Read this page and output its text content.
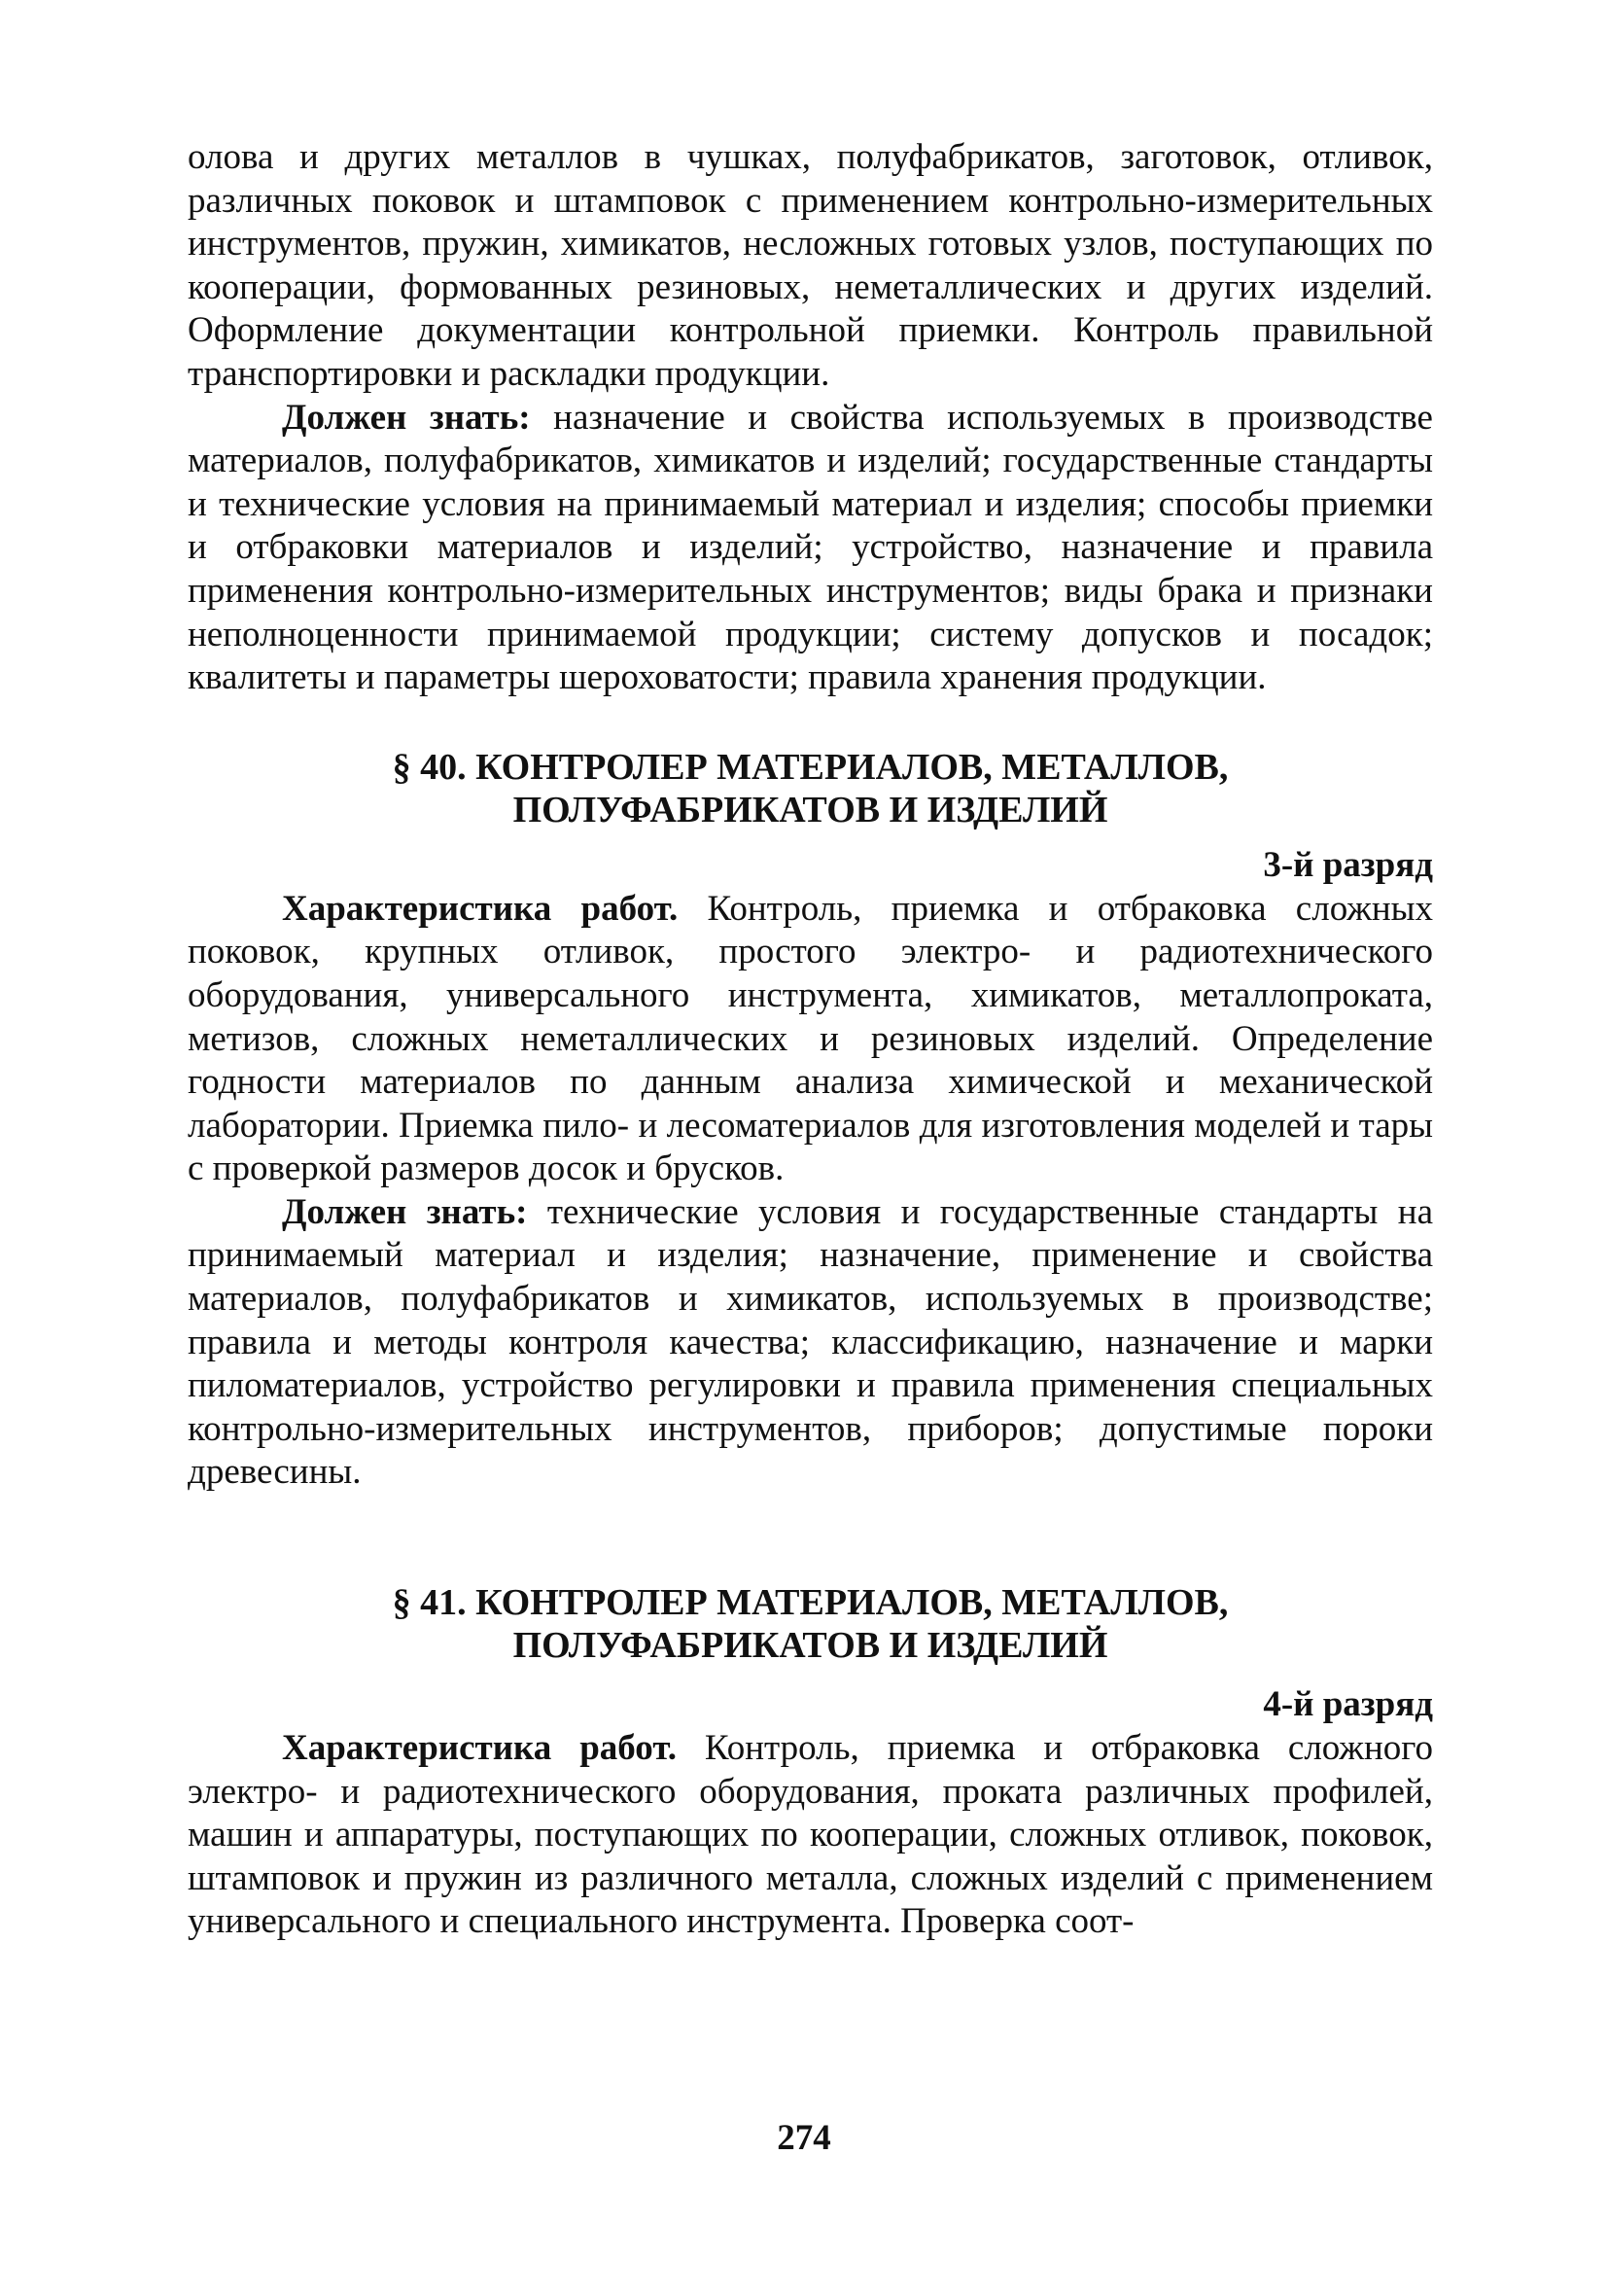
олова и других металлов в чушках, полуфабрикатов, заготовок, отливок, различных поковок и штамповок с применением контрольно-измерительных инструментов, пружин, химикатов, несложных готовых узлов, поступающих по кооперации, формованных резиновых, неметаллических и других изделий. Оформление документации контрольной приемки. Контроль правильной транспортировки и раскладки продукции.

Должен знать: назначение и свойства используемых в производстве материалов, полуфабрикатов, химикатов и изделий; государственные стандарты и технические условия на принимаемый материал и изделия; способы приемки и отбраковки материалов и изделий; устройство, назначение и правила применения контрольно-измерительных инструментов; виды брака и признаки неполноценности принимаемой продукции; систему допусков и посадок; квалитеты и параметры шероховатости; правила хранения продукции.

§ 40. КОНТРОЛЕР МАТЕРИАЛОВ, МЕТАЛЛОВ,
ПОЛУФАБРИКАТОВ И ИЗДЕЛИЙ
3-й разряд

Характеристика работ. Контроль, приемка и отбраковка сложных поковок, крупных отливок, простого электро- и радиотехнического оборудования, универсального инструмента, химикатов, металлопроката, метизов, сложных неметаллических и резиновых изделий. Определение годности материалов по данным анализа химической и механической лаборатории. Приемка пило- и лесоматериалов для изготовления моделей и тары с проверкой размеров досок и брусков.

Должен знать: технические условия и государственные стандарты на принимаемый материал и изделия; назначение, применение и свойства материалов, полуфабрикатов и химикатов, используемых в производстве; правила и методы контроля качества; классификацию, назначение и марки пиломатериалов, устройство регулировки и правила применения специальных контрольно-измерительных инструментов, приборов; допустимые пороки древесины.

§ 41. КОНТРОЛЕР МАТЕРИАЛОВ, МЕТАЛЛОВ,
ПОЛУФАБРИКАТОВ И ИЗДЕЛИЙ
4-й разряд

Характеристика работ. Контроль, приемка и отбраковка сложного электро- и радиотехнического оборудования, проката различных профилей, машин и аппаратуры, поступающих по кооперации, сложных отливок, поковок, штамповок и пружин из различного металла, сложных изделий с применением универсального и специального инструмента. Проверка соот-

274
